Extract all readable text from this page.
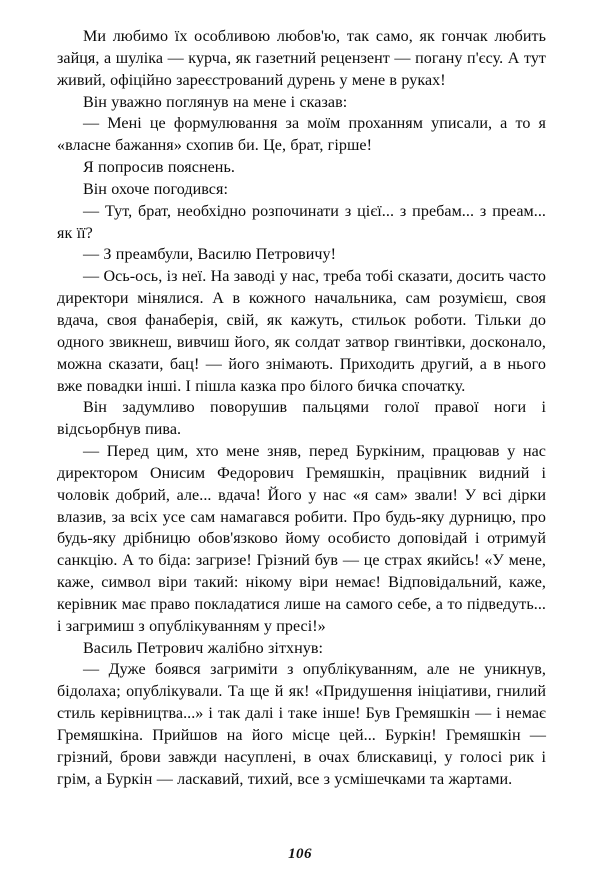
Ми любимо їх особливою любов'ю, так само, як гончак любить зайця, а шуліка — курча, як газетний рецензент — погану п'єсу. А тут живий, офіційно зареєстрований дурень у мене в руках!

Він уважно поглянув на мене і сказав:

— Мені це формулювання за моїм проханням уписали, а то я «власне бажання» схопив би. Це, брат, гірше!

Я попросив пояснень.

Він охоче погодився:

— Тут, брат, необхідно розпочинати з цієї... з пребам... з преам... як її?

— З преамбули, Василю Петровичу!

— Ось-ось, із неї. На заводі у нас, треба тобі сказати, досить часто директори мінялися. А в кожного начальника, сам розумієш, своя вдача, своя фанаберія, свій, як кажуть, стильок роботи. Тільки до одного звикнеш, вивчиш його, як солдат затвор гвинтівки, досконало, можна сказати, бац! — його знімають. Приходить другий, а в нього вже повадки інші. І пішла казка про білого бичка спочатку.

Він задумливо поворушив пальцями голої правої ноги і відсьорбнув пива.

— Перед цим, хто мене зняв, перед Буркіним, працював у нас директором Онисим Федорович Гремяшкін, працівник видний і чоловік добрий, але... вдача! Його у нас «я сам» звали! У всі дірки влазив, за всіх усе сам намагався робити. Про будь-яку дурницю, про будь-яку дрібницю обов'язково йому особисто доповідай і отримуй санкцію. А то біда: загризе! Грізний був — це страх якийсь! «У мене, каже, символ віри такий: нікому віри немає! Відповідальний, каже, керівник має право покладатися лише на самого себе, а то підведуть... і загримиш з опублікуванням у пресі!»

Василь Петрович жалібно зітхнув:

— Дуже боявся загриміти з опублікуванням, але не уникнув, бідолаха; опублікували. Та ще й як! «Придушення ініціативи, гнилий стиль керівництва...» і так далі і таке інше! Був Гремяшкін — і немає Гремяшкіна. Прийшов на його місце цей... Буркін! Гремяшкін — грізний, брови завжди насуплені, в очах блискавиці, у голосі рик і грім, а Буркін — ласкавий, тихий, все з усмішечками та жартами.

106
